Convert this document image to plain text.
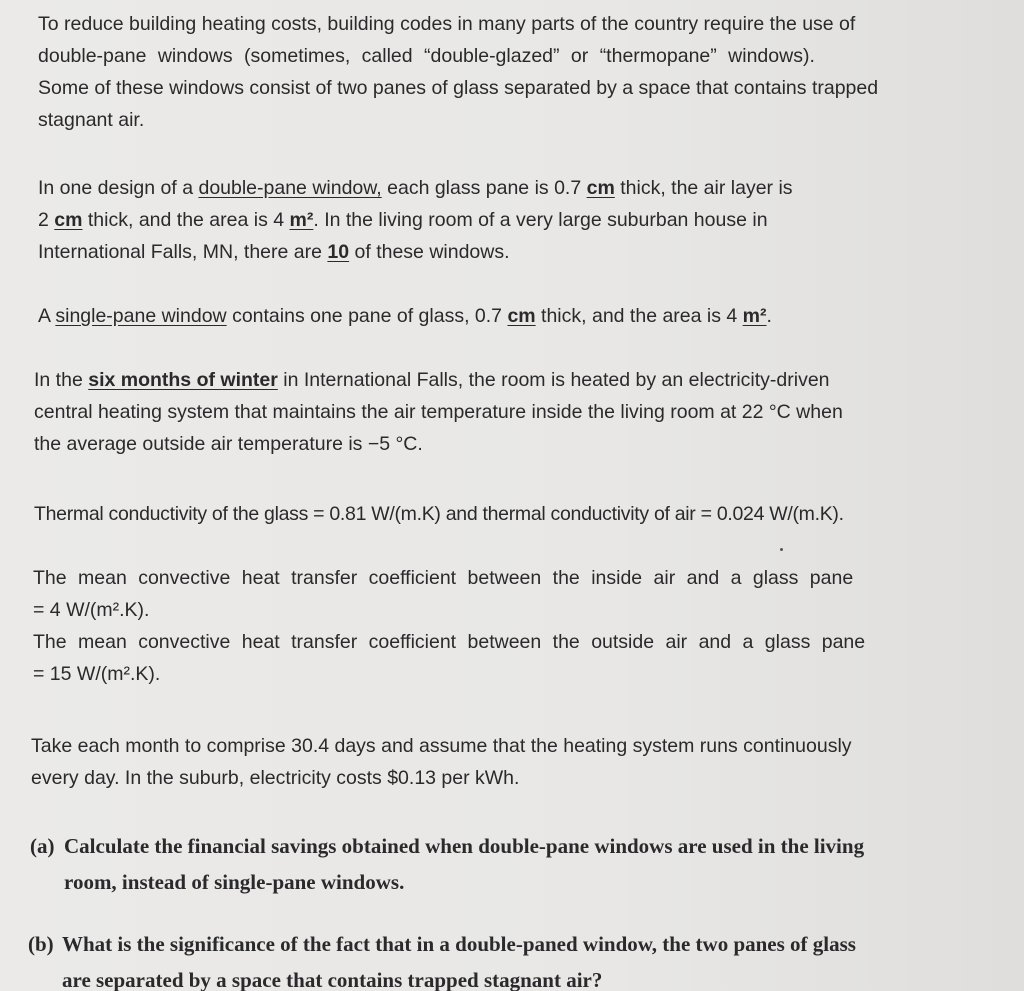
To reduce building heating costs, building codes in many parts of the country require the use of
double-pane windows (sometimes, called “double-glazed” or “thermopane” windows).
Some of these windows consist of two panes of glass separated by a space that contains trapped
stagnant air.

In one design of a double-pane window, each glass pane is 0.7 cm thick, the air layer is
2 cm thick, and the area is 4 m². In the living room of a very large suburban house in
International Falls, MN, there are 10 of these windows.

A single-pane window contains one pane of glass, 0.7 cm thick, and the area is 4 m².

In the six months of winter in International Falls, the room is heated by an electricity-driven
central heating system that maintains the air temperature inside the living room at 22 °C when
the average outside air temperature is −5 °C.

Thermal conductivity of the glass = 0.81 W/(m.K) and thermal conductivity of air = 0.024 W/(m.K).

The mean convective heat transfer coefficient between the inside air and a glass pane
= 4 W/(m².K).
The mean convective heat transfer coefficient between the outside air and a glass pane
= 15 W/(m².K).

Take each month to comprise 30.4 days and assume that the heating system runs continuously
every day. In the suburb, electricity costs $0.13 per kWh.

(a) Calculate the financial savings obtained when double-pane windows are used in the living
room, instead of single-pane windows.

(b) What is the significance of the fact that in a double-paned window, the two panes of glass
are separated by a space that contains trapped stagnant air?
